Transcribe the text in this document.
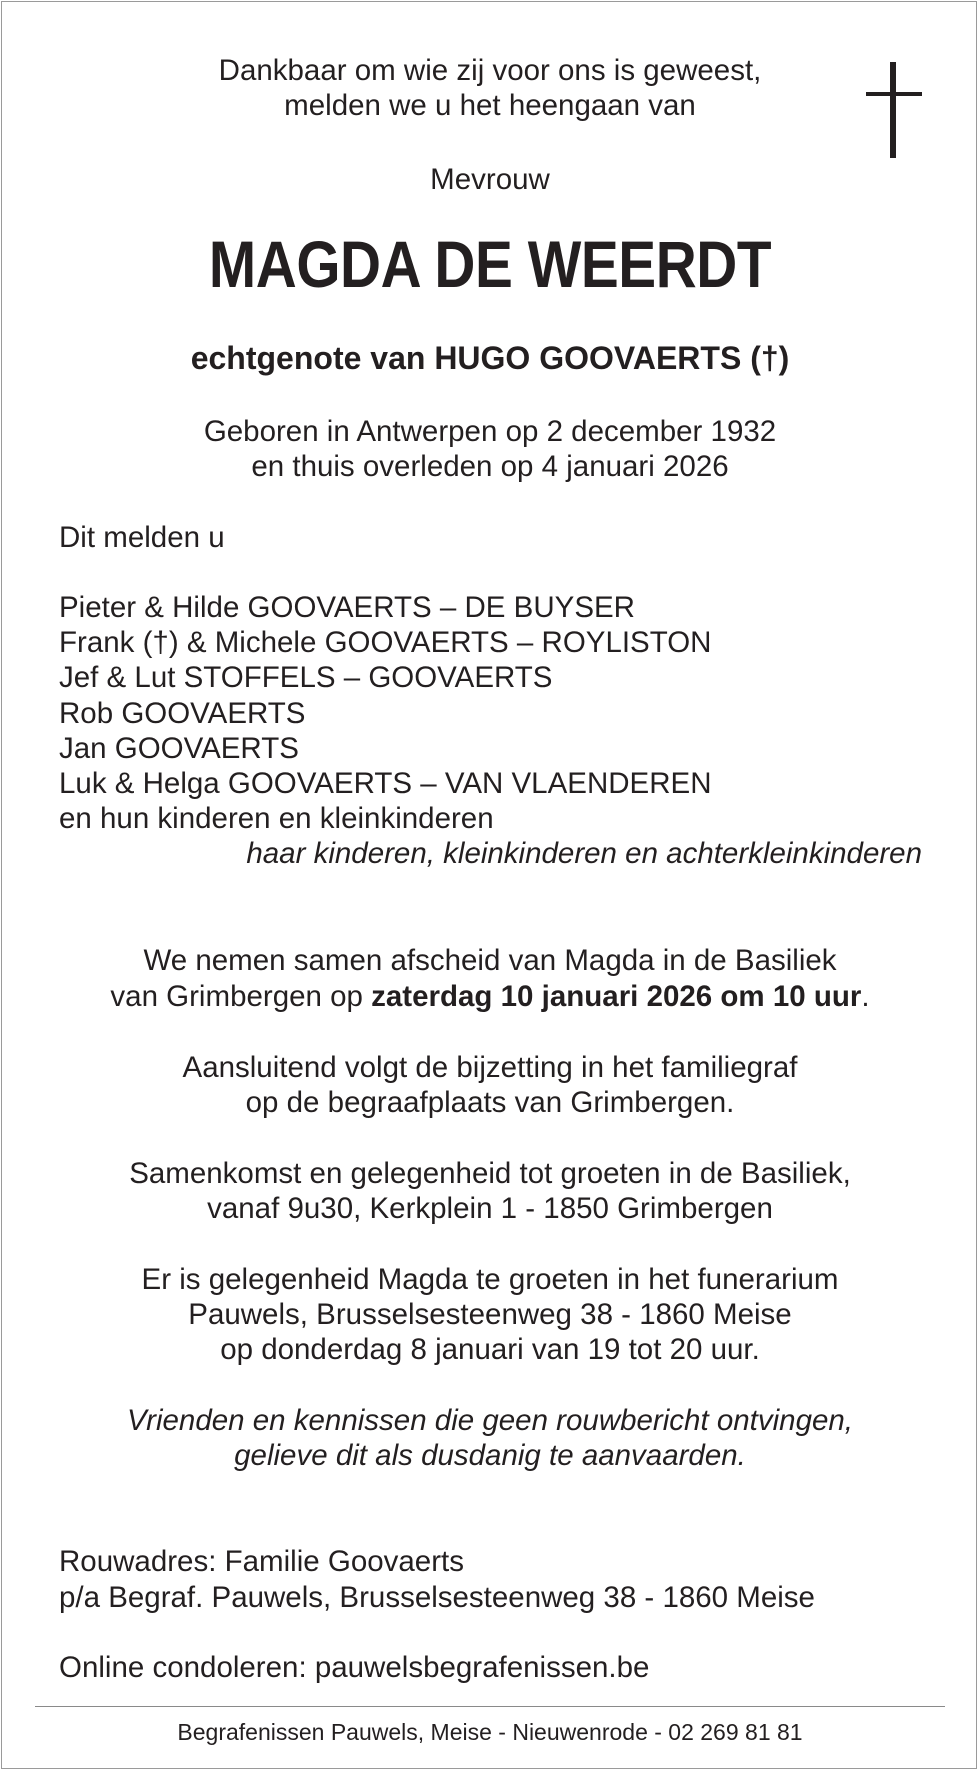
Dankbaar om wie zij voor ons is geweest,

melden we u het heengaan van

Mevrouw

MAGDA DE WEERDT

echtgenote van HUGO GOOVAERTS (†)

Geboren in Antwerpen op 2 december 1932

en thuis overleden op 4 januari 2026

Dit melden u

Pieter & Hilde GOOVAERTS – DE BUYSER
Frank (†) & Michele GOOVAERTS – ROYLISTON
Jef & Lut STOFFELS – GOOVAERTS
Rob GOOVAERTS
Jan GOOVAERTS
Luk & Helga GOOVAERTS – VAN VLAENDEREN
en hun kinderen en kleinkinderen

haar kinderen, kleinkinderen en achterkleinkinderen

We nemen samen afscheid van Magda in de Basiliek

van Grimbergen op zaterdag 10 januari 2026 om 10 uur.

Aansluitend volgt de bijzetting in het familiegraf

op de begraafplaats van Grimbergen.

Samenkomst en gelegenheid tot groeten in de Basiliek,

vanaf 9u30, Kerkplein 1 - 1850 Grimbergen

Er is gelegenheid Magda te groeten in het funerarium

Pauwels, Brusselsesteenweg 38 - 1860 Meise

op donderdag 8 januari van 19 tot 20 uur.

Vrienden en kennissen die geen rouwbericht ontvingen,

gelieve dit als dusdanig te aanvaarden.

Rouwadres: Familie Goovaerts

p/a Begraf. Pauwels, Brusselsesteenweg 38 - 1860 Meise

Online condoleren: pauwelsbegrafenissen.be

Begrafenissen Pauwels, Meise - Nieuwenrode - 02 269 81 81
